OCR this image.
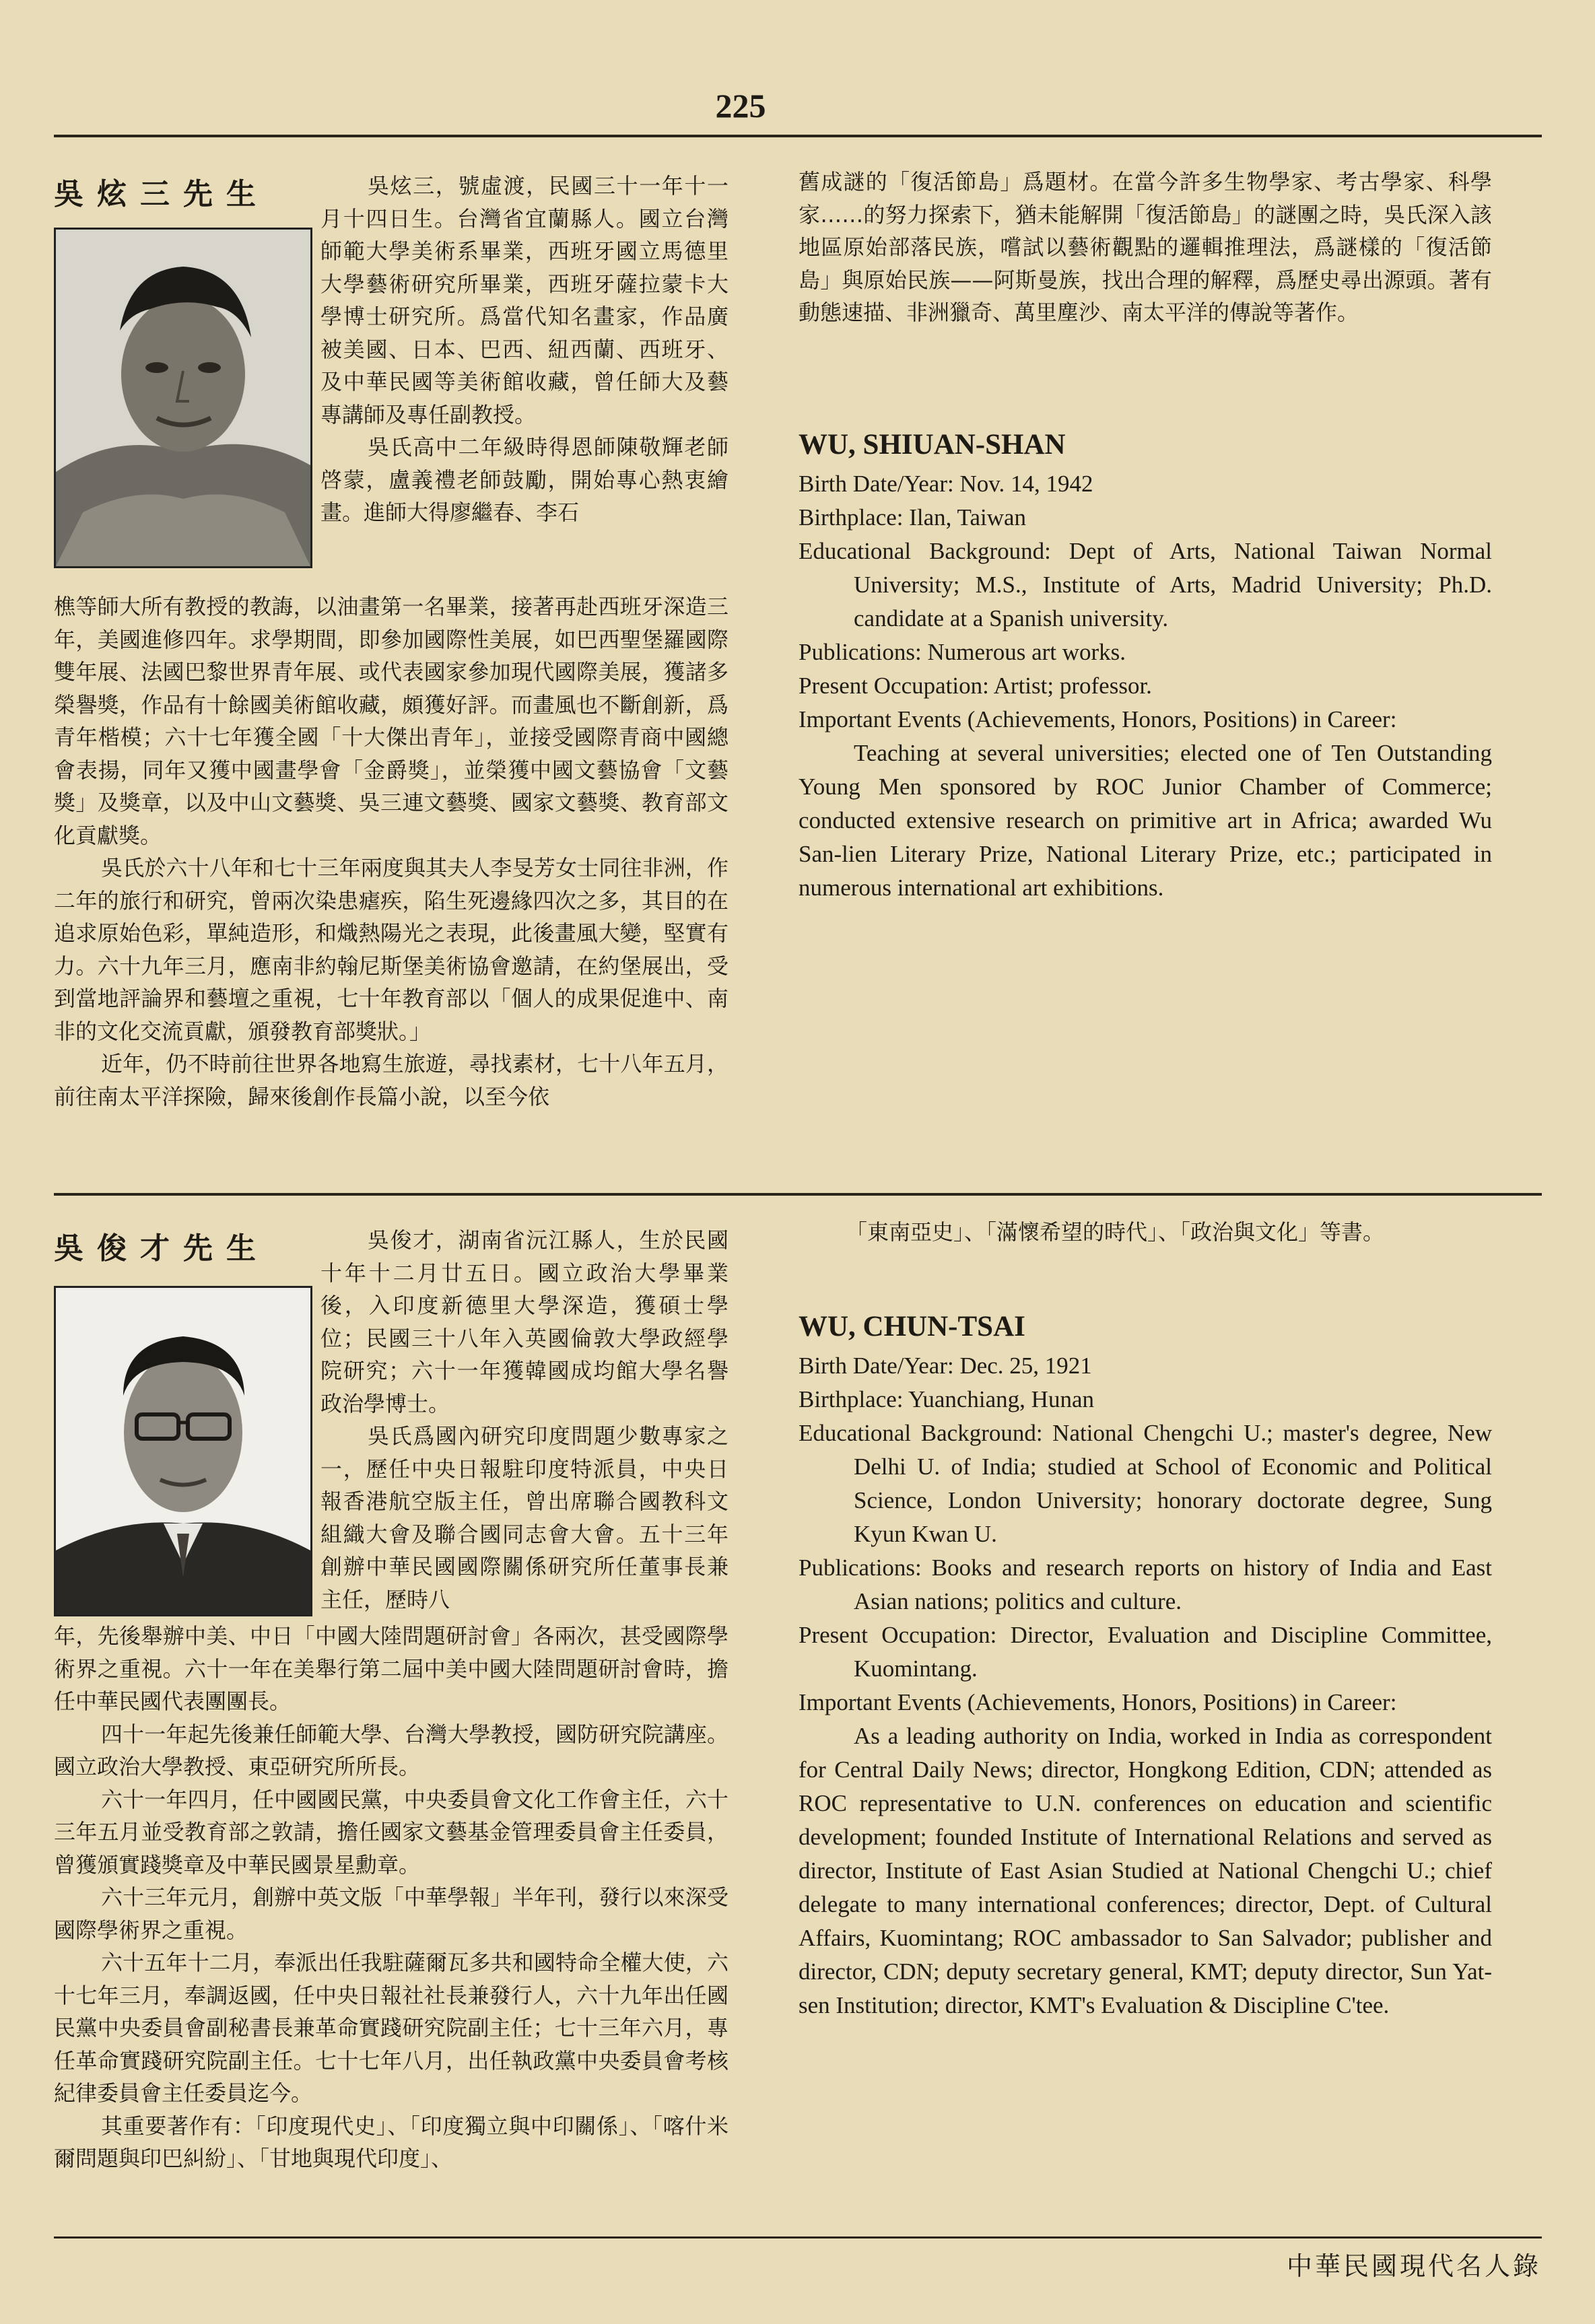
225
吳炫三先生	吳炫三，號虛渡，民國三十一年十一月十四日生。台灣省宜蘭縣人。國立台灣師範大學美術系畢業，西班牙國立馬德里大學藝術研究所畢業，西班牙薩拉蒙卡大學博士研究所。爲當代知名畫家，作品廣被美國、日本、巴西、紐西蘭、西班牙、及中華民國等美術館收藏，曾任師大及藝專講師及專任副教授。

吳氏高中二年級時得恩師陳敬輝老師啓蒙，盧義禮老師鼓勵，開始專心熱衷繪畫。進師大得廖繼春、李石

樵等師大所有教授的教誨，以油畫第一名畢業，接著再赴西班牙深造三年，美國進修四年。求學期間，即參加國際性美展，如巴西聖堡羅國際雙年展、法國巴黎世界青年展、或代表國家參加現代國際美展，獲諸多榮譽獎，作品有十餘國美術館收藏，頗獲好評。而畫風也不斷創新，爲青年楷模；六十七年獲全國「十大傑出青年」，並接受國際青商中國總會表揚，同年又獲中國畫學會「金爵獎」，並榮獲中國文藝協會「文藝獎」及獎章，以及中山文藝獎、吳三連文藝獎、國家文藝獎、教育部文化貢獻獎。

吳氏於六十八年和七十三年兩度與其夫人李旻芳女士同往非洲，作二年的旅行和研究，曾兩次染患瘧疾，陷生死邊緣四次之多，其目的在追求原始色彩，單純造形，和熾熱陽光之表現，此後畫風大變，堅實有力。六十九年三月，應南非約翰尼斯堡美術協會邀請，在約堡展出，受到當地評論界和藝壇之重視，七十年教育部以「個人的成果促進中、南非的文化交流貢獻，頒發教育部獎狀。」

近年，仍不時前往世界各地寫生旅遊，尋找素材，七十八年五月，前往南太平洋探險，歸來後創作長篇小說，以至今依

舊成謎的「復活節島」爲題材。在當今許多生物學家、考古學家、科學家……的努力探索下，猶未能解開「復活節島」的謎團之時，吳氏深入該地區原始部落民族，嚐試以藝術觀點的邏輯推理法，爲謎樣的「復活節島」與原始民族——阿斯曼族，找出合理的解釋，爲歷史尋出源頭。著有動態速描、非洲獵奇、萬里塵沙、南太平洋的傳說等著作。

WU, SHIUAN-SHAN

Birth Date/Year: Nov. 14, 1942

Birthplace: Ilan, Taiwan

Educational Background: Dept of Arts, National Taiwan Normal University; M.S., Institute of Arts, Madrid University; Ph.D. candidate at a Spanish university.

Publications: Numerous art works.

Present Occupation: Artist; professor.

Important Events (Achievements, Honors, Positions) in Career:

Teaching at several universities; elected one of Ten Outstanding Young Men sponsored by ROC Junior Chamber of Commerce; conducted extensive research on primitive art in Africa; awarded Wu San-lien Literary Prize, National Literary Prize, etc.; participated in numerous international art exhibitions.

吳俊才先生	吳俊才，湖南省沅江縣人，生於民國十年十二月廿五日。國立政治大學畢業後，入印度新德里大學深造，獲碩士學位；民國三十八年入英國倫敦大學政經學院研究；六十一年獲韓國成均館大學名譽政治學博士。

吳氏爲國內研究印度問題少數專家之一，歷任中央日報駐印度特派員，中央日報香港航空版主任，曾出席聯合國教科文組織大會及聯合國同志會大會。五十三年創辦中華民國國際關係研究所任董事長兼主任，歷時八

年，先後舉辦中美、中日「中國大陸問題研討會」各兩次，甚受國際學術界之重視。六十一年在美舉行第二屆中美中國大陸問題研討會時，擔任中華民國代表團團長。

四十一年起先後兼任師範大學、台灣大學教授，國防研究院講座。國立政治大學教授、東亞研究所所長。

六十一年四月，任中國國民黨，中央委員會文化工作會主任，六十三年五月並受教育部之敦請，擔任國家文藝基金管理委員會主任委員，曾獲頒實踐獎章及中華民國景星勳章。

六十三年元月，創辦中英文版「中華學報」半年刊，發行以來深受國際學術界之重視。

六十五年十二月，奉派出任我駐薩爾瓦多共和國特命全權大使，六十七年三月，奉調返國，任中央日報社社長兼發行人，六十九年出任國民黨中央委員會副秘書長兼革命實踐研究院副主任；七十三年六月，專任革命實踐研究院副主任。七十七年八月，出任執政黨中央委員會考核紀律委員會主任委員迄今。

其重要著作有：「印度現代史」、「印度獨立與中印關係」、「喀什米爾問題與印巴糾紛」、「甘地與現代印度」、

「東南亞史」、「滿懷希望的時代」、「政治與文化」等書。

WU, CHUN-TSAI

Birth Date/Year: Dec. 25, 1921

Birthplace: Yuanchiang, Hunan

Educational Background: National Chengchi U.; master's degree, New Delhi U. of India; studied at School of Economic and Political Science, London University; honorary doctorate degree, Sung Kyun Kwan U.

Publications: Books and research reports on history of India and East Asian nations; politics and culture.

Present Occupation: Director, Evaluation and Discipline Committee, Kuomintang.

Important Events (Achievements, Honors, Positions) in Career:

As a leading authority on India, worked in India as correspondent for Central Daily News; director, Hongkong Edition, CDN; attended as ROC representative to U.N. conferences on education and scientific development; founded Institute of International Relations and served as director, Institute of East Asian Studied at National Chengchi U.; chief delegate to many international conferences; director, Dept. of Cultural Affairs, Kuomintang; ROC ambassador to San Salvador; publisher and director, CDN; deputy secretary general, KMT; deputy director, Sun Yat-sen Institution; director, KMT's Evaluation & Discipline C'tee.

中華民國現代名人錄
